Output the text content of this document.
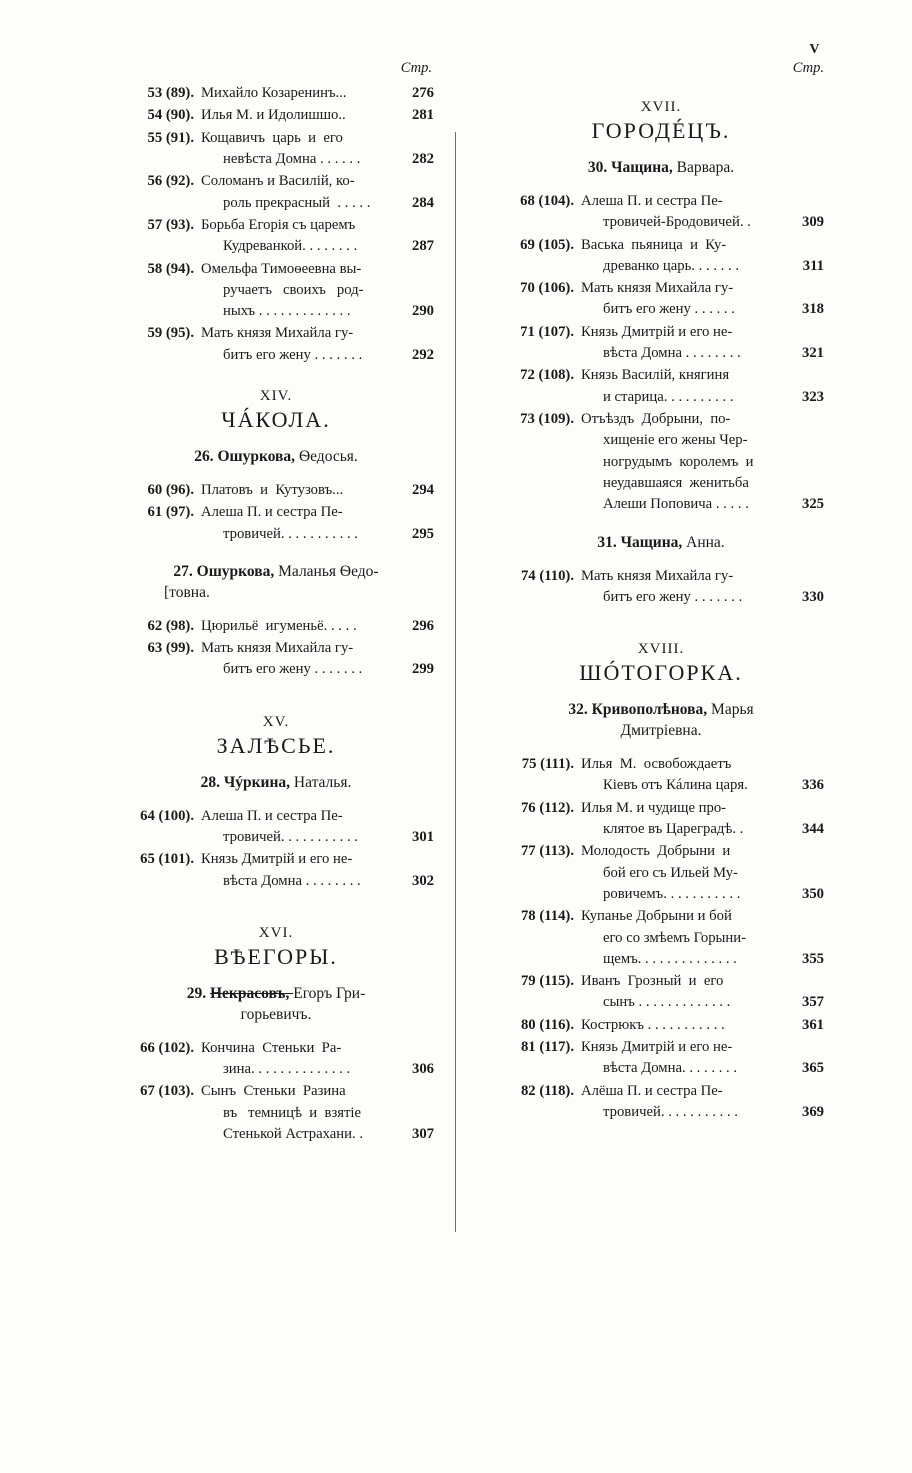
V
Стр.
53 (89). Михайло Козаренинъ...	276
54 (90). Илья М. и Идолишшо..	281
55 (91). Кощавичъ  царь  и  его
невѣста Домна . . . . . .	282
56 (92). Соломанъ и Василій, ко-
роль прекрасный  . . . . .	284
57 (93). Борьба Егорія съ царемъ
Кудреванкой. . . . . . . .	287
58 (94). Омельфа Тимоѳеевна вы-
ручаетъ   своихъ   род-
ныхъ . . . . . . . . . . . . .	290
59 (95). Мать князя Михайла гу-
битъ его жену . . . . . . .	292
XIV.
ЧÁКОЛА.
26. Ошуркова, Ѳедосья.
60 (96). Платовъ  и  Кутузовъ...	294
61 (97). Алеша П. и сестра Пе-
тровичей. . . . . . . . . . .	295
27. Ошуркова, Маланья Ѳедо-
[товна.
62 (98). Цюрильё  игуменьё. . . . .	296
63 (99). Мать князя Михайла гу-
битъ его жену . . . . . . .	299
XV.
ЗАЛѢСЬЕ.
28. Чýркина, Наталья.
64 (100). Алеша П. и сестра Пе-
тровичей. . . . . . . . . . .	301
65 (101). Князь Дмитрій и его не-
вѣста Домна . . . . . . . .	302
XVI.
ВѢЕГОРЫ.
29. Некрасовъ, Егоръ Гри-
горьевичъ.
66 (102). Кончина  Стеньки  Ра-
зина. . . . . . . . . . . . . .	306
67 (103). Сынъ  Стеньки  Разина
въ   темницѣ  и  взятіе
Стенькой Астрахани. .	307
Стр.
XVII.
ГОРОДÉЦЪ.
30. Чащина, Варвара.
68 (104). Алеша П. и сестра Пе-
тровичей-Бродовичей. .	309
69 (105). Васька  пьяница  и  Ку-
древанко царь. . . . . . .	311
70 (106). Мать князя Михайла гу-
битъ его жену . . . . . .	318
71 (107). Князь Дмитрій и его не-
вѣста Домна . . . . . . . .	321
72 (108). Князь Василій, княгиня
и старица. . . . . . . . . .	323
73 (109). Отъѣздъ  Добрыни,  по-
хищеніе его жены Чер-
ногрудымъ  королемъ  и
неудавшаяся  женитьба
Алеши Поповича . . . . .	325
31. Чащина, Анна.
74 (110). Мать князя Михайла гу-
битъ его жену . . . . . . .	330
XVIII.
ШÓТОГОРКА.
32. Кривополѣнова, Марья
Дмитріевна.
75 (111). Илья  М.  освобождаетъ
Кіевъ отъ Кáлина царя.	336
76 (112). Илья М. и чудище про-
клятое въ Цареградѣ. .	344
77 (113). Молодость  Добрыни  и
бой его съ Ильей Му-
ровичемъ. . . . . . . . . . .	350
78 (114). Купанье Добрыни и бой
его со змѣемъ Горыни-
щемъ. . . . . . . . . . . . . .	355
79 (115). Иванъ  Грозный  и  его
сынъ . . . . . . . . . . . . .	357
80 (116). Кострюкъ . . . . . . . . . . .	361
81 (117). Князь Дмитрій и его не-
вѣста Домна. . . . . . . .	365
82 (118). Алёша П. и сестра Пе-
тровичей. . . . . . . . . . .	369
